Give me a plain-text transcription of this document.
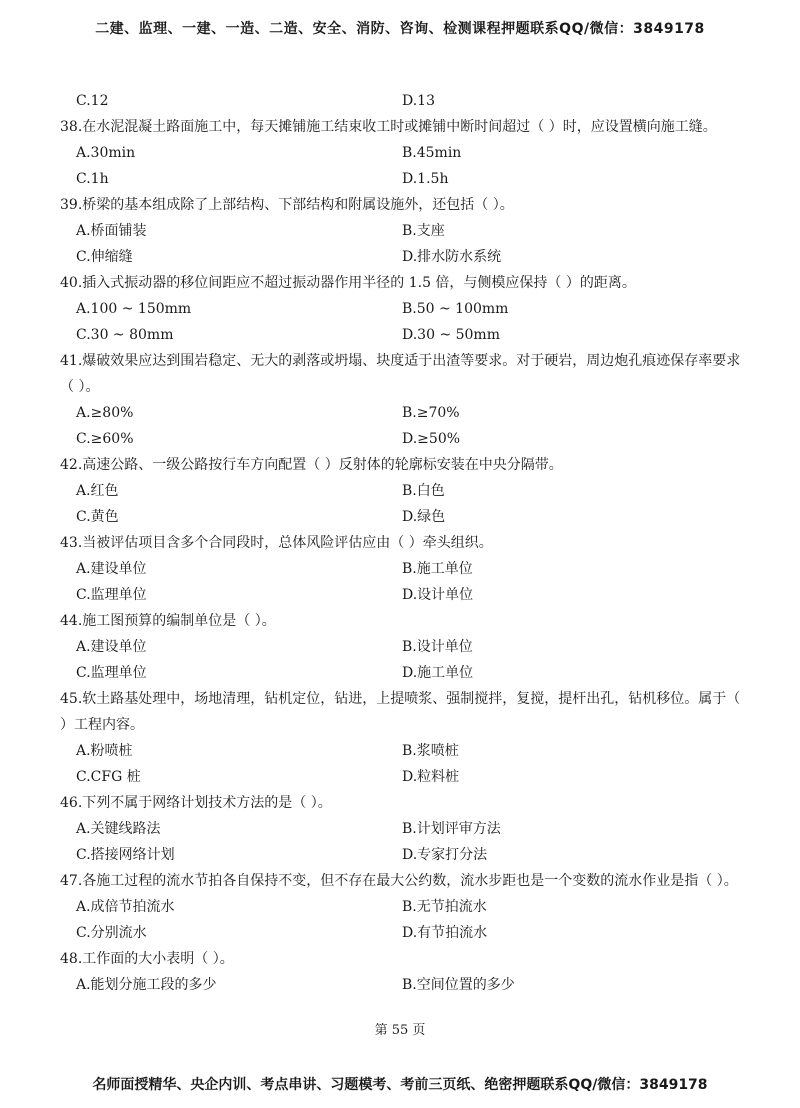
二建、监理、一建、一造、二造、安全、消防、咨询、检测课程押题联系QQ/微信：3849178
C.12	D.13
38.在水泥混凝土路面施工中，每天摊铺施工结束收工时或摊铺中断时间超过（ ）时，应设置横向施工缝。
A.30min	B.45min
C.1h	D.1.5h
39.桥梁的基本组成除了上部结构、下部结构和附属设施外，还包括（ ）。
A.桥面铺装	B.支座
C.伸缩缝	D.排水防水系统
40.插入式振动器的移位间距应不超过振动器作用半径的 1.5 倍，与侧模应保持（ ）的距离。
A.100 ~ 150mm	B.50 ~ 100mm
C.30 ~ 80mm	D.30 ~ 50mm
41.爆破效果应达到围岩稳定、无大的剥落或坍塌、块度适于出渣等要求。对于硬岩，周边炮孔痕迹保存率要求（ ）。
A.≥80%	B.≥70%
C.≥60%	D.≥50%
42.高速公路、一级公路按行车方向配置（ ）反射体的轮廓标安装在中央分隔带。
A.红色	B.白色
C.黄色	D.绿色
43.当被评估项目含多个合同段时，总体风险评估应由（ ）牵头组织。
A.建设单位	B.施工单位
C.监理单位	D.设计单位
44.施工图预算的编制单位是（ ）。
A.建设单位	B.设计单位
C.监理单位	D.施工单位
45.软土路基处理中，场地清理，钻机定位，钻进，上提喷浆、强制搅拌，复搅，提杆出孔，钻机移位。属于（ ）工程内容。
A.粉喷桩	B.浆喷桩
C.CFG 桩	D.粒料桩
46.下列不属于网络计划技术方法的是（ ）。
A.关键线路法	B.计划评审方法
C.搭接网络计划	D.专家打分法
47.各施工过程的流水节拍各自保持不变，但不存在最大公约数，流水步距也是一个变数的流水作业是指（ ）。
A.成倍节拍流水	B.无节拍流水
C.分别流水	D.有节拍流水
48.工作面的大小表明（ ）。
A.能划分施工段的多少	B.空间位置的多少
第 55 页
名师面授精华、央企内训、考点串讲、习题模考、考前三页纸、绝密押题联系QQ/微信：3849178
